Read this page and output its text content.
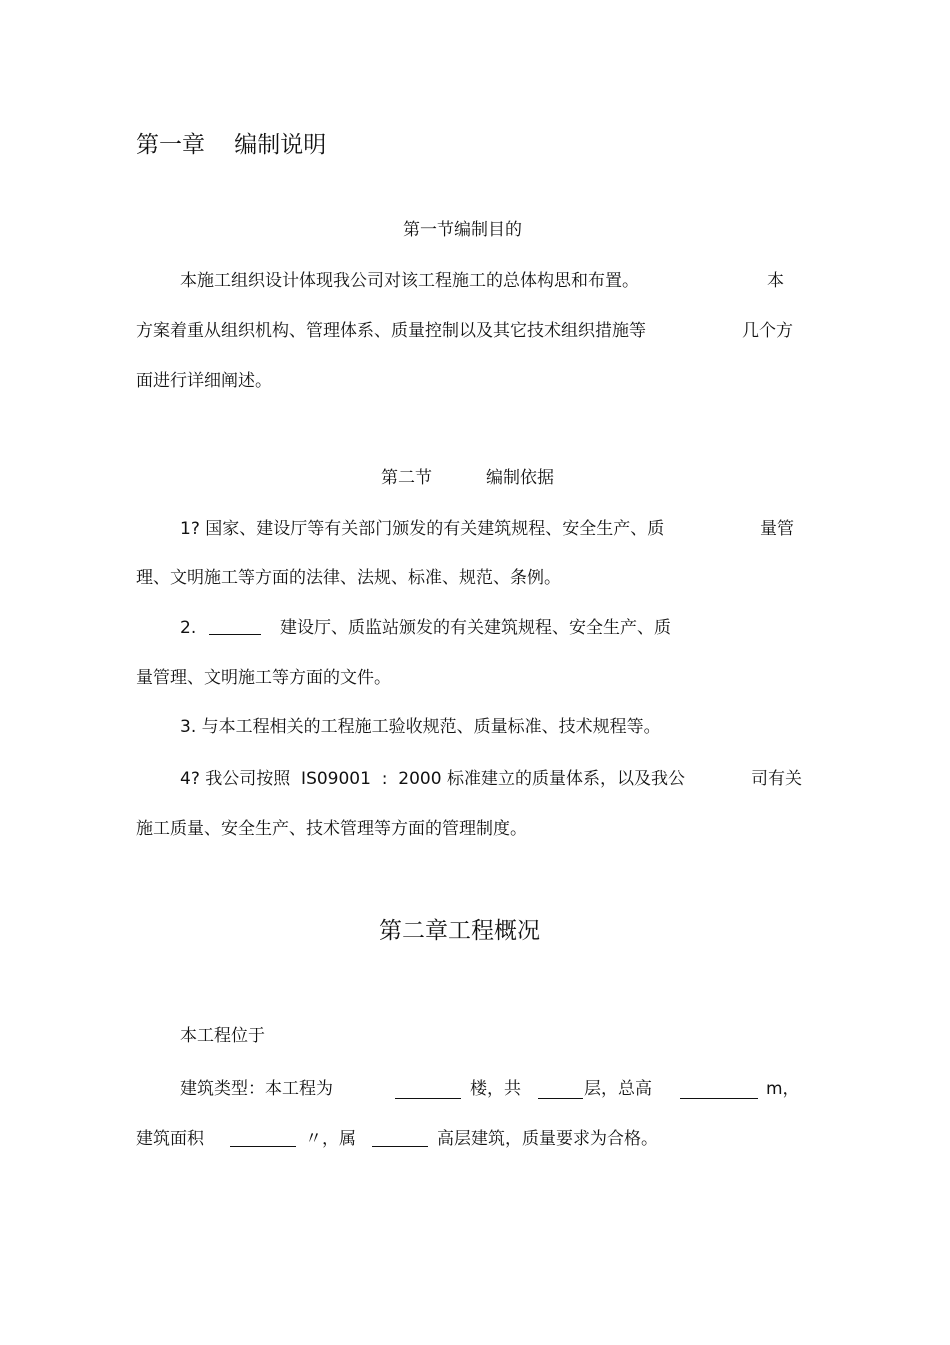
第一章    编制说明
第一节编制目的
本施工组织设计体现我公司对该工程施工的总体构思和布置。	本
方案着重从组织机构、管理体系、质量控制以及其它技术组织措施等	几个方
面进行详细阐述。
第二节	编制依据
1? 国家、建设厅等有关部门颁发的有关建筑规程、安全生产、质	量管
理、文明施工等方面的法律、法规、标准、规范、条例。
2.	建设厅、质监站颁发的有关建筑规程、安全生产、质
量管理、文明施工等方面的文件。
3. 与本工程相关的工程施工验收规范、质量标准、技术规程等。
4? 我公司按照  IS09001  :  2000 标准建立的质量体系，以及我公	司有关
施工质量、安全生产、技术管理等方面的管理制度。
第二章工程概况
本工程位于
建筑类型：本工程为	楼，共	层，总高	m，
建筑面积	〃，属	高层建筑，质量要求为合格。
